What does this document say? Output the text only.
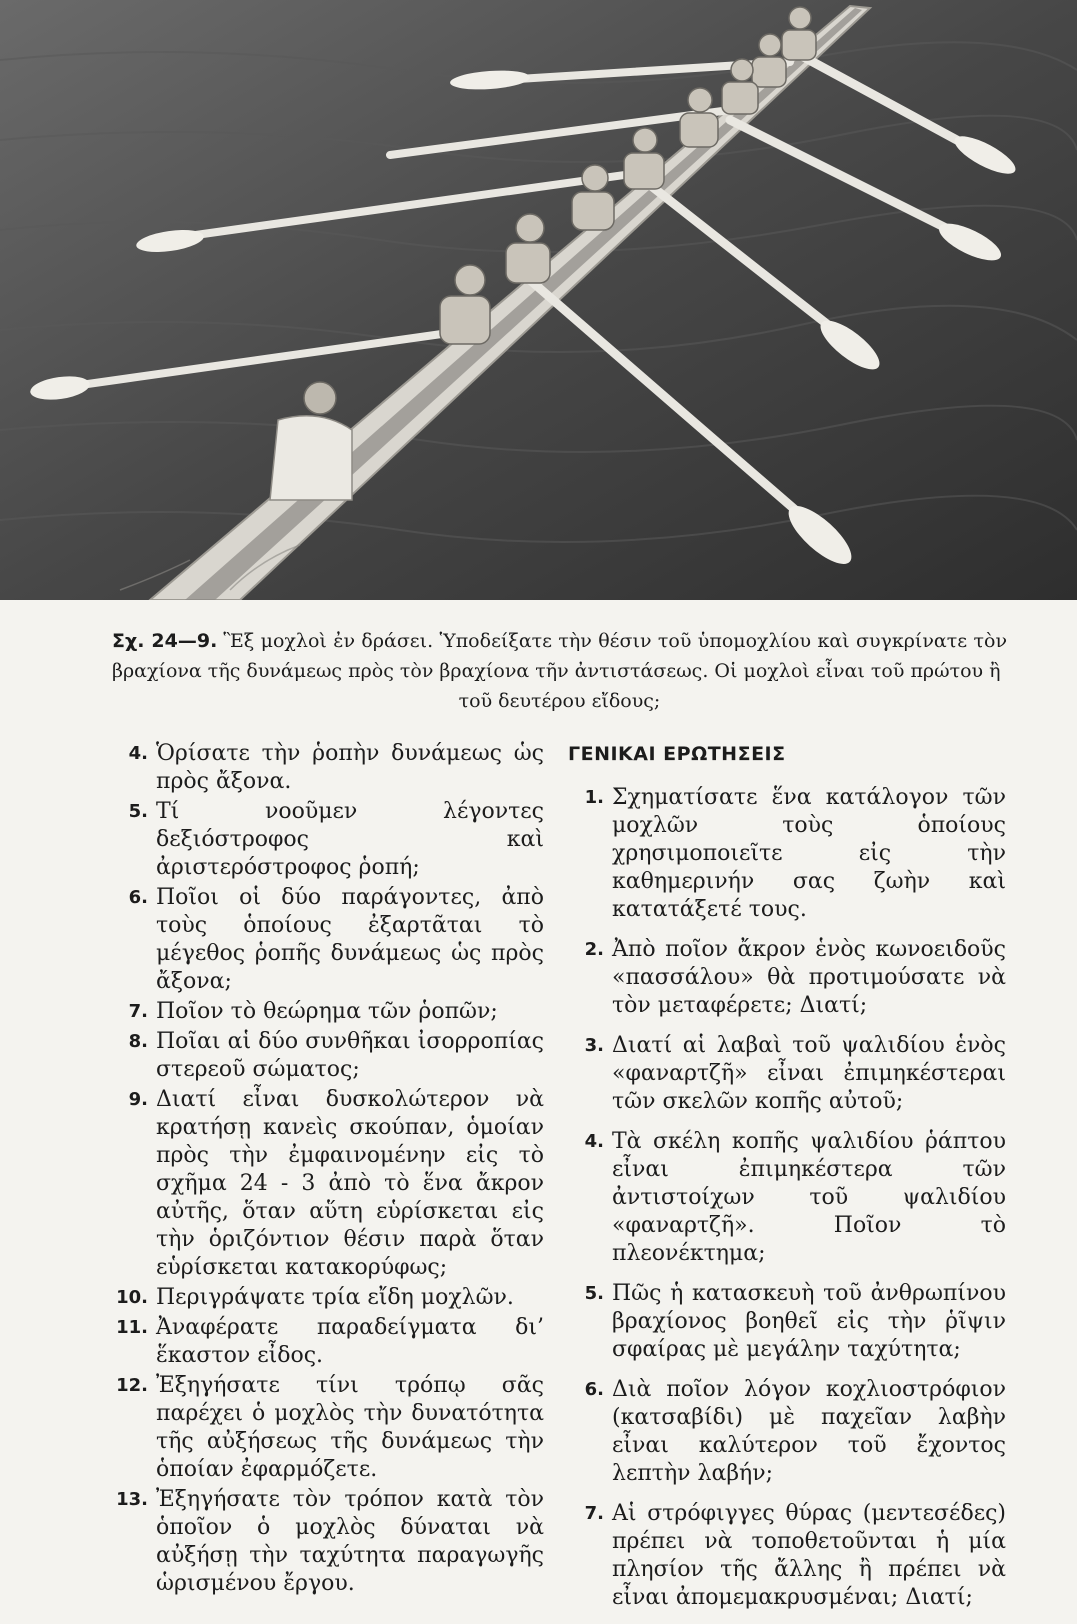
Σχ. 24—9. Ἓξ μοχλοὶ ἐν δράσει. Ὑποδείξατε τὴν θέσιν τοῦ ὑπομοχλίου καὶ συγκρίνατε τὸν βραχίονα τῆς δυνάμεως πρὸς τὸν βραχίονα τῆν ἀντιστάσεως. Οἱ μοχλοὶ εἶναι τοῦ πρώτου ἢ
τοῦ δευτέρου εἴδους;
4. Ὁρίσατε τὴν ῥοπὴν δυνάμεως ὡς πρὸς ἄξονα.
5. Τί νοοῦμεν λέγοντες δεξιόστροφος καὶ ἀριστερόστροφος ῥοπή;
6. Ποῖοι οἱ δύο παράγοντες, ἀπὸ τοὺς ὁποίους ἐξαρτᾶται τὸ μέγεθος ῥοπῆς δυνάμεως ὡς πρὸς ἄξονα;
7. Ποῖον τὸ θεώρημα τῶν ῥοπῶν;
8. Ποῖαι αἱ δύο συνθῆκαι ἰσορροπίας στερεοῦ σώματος;
9. Διατί εἶναι δυσκολώτερον νὰ κρατήσῃ κανεὶς σκούπαν, ὁμοίαν πρὸς τὴν ἐμφαινομένην εἰς τὸ σχῆμα 24 - 3 ἀπὸ τὸ ἕνα ἄκρον αὐτῆς, ὅταν αὕτη εὑρίσκεται εἰς τὴν ὁριζόντιον θέσιν παρὰ ὅταν εὑρίσκεται κατακορύφως;
10. Περιγράψατε τρία εἴδη μοχλῶν.
11. Ἀναφέρατε παραδείγματα δι’ ἕκαστον εἶδος.
12. Ἐξηγήσατε τίνι τρόπῳ σᾶς παρέχει ὁ μοχλὸς τὴν δυνατότητα τῆς αὐξήσεως τῆς δυνάμεως τὴν ὁποίαν ἐφαρμόζετε.
13. Ἐξηγήσατε τὸν τρόπον κατὰ τὸν ὁποῖον ὁ μοχλὸς δύναται νὰ αὐξήσῃ τὴν ταχύτητα παραγωγῆς ὡρισμένου ἔργου.
ΓΕΝΙΚΑΙ ΕΡΩΤΗΣΕΙΣ
1. Σχηματίσατε ἕνα κατάλογον τῶν μοχλῶν τοὺς ὁποίους χρησιμοποιεῖτε εἰς τὴν καθημερινήν σας ζωὴν καὶ κατατάξετέ τους.
2. Ἀπὸ ποῖον ἄκρον ἑνὸς κωνοειδοῦς «πασσάλου» θὰ προτιμούσατε νὰ τὸν μεταφέρετε; Διατί;
3. Διατί αἱ λαβαὶ τοῦ ψαλιδίου ἑνὸς «φαναρτζῆ» εἶναι ἐπιμηκέστεραι τῶν σκελῶν κοπῆς αὐτοῦ;
4. Τὰ σκέλη κοπῆς ψαλιδίου ῥάπτου εἶναι ἐπιμηκέστερα τῶν ἀντιστοίχων τοῦ ψαλιδίου «φαναρτζῆ». Ποῖον τὸ πλεονέκτημα;
5. Πῶς ἡ κατασκευὴ τοῦ ἀνθρωπίνου βραχίονος βοηθεῖ εἰς τὴν ῥῖψιν σφαίρας μὲ μεγάλην ταχύτητα;
6. Διὰ ποῖον λόγον κοχλιοστρόφιον (κατσαβίδι) μὲ παχεῖαν λαβὴν εἶναι καλύτερον τοῦ ἔχοντος λεπτὴν λαβήν;
7. Αἱ στρόφιγγες θύρας (μεντεσέδες) πρέπει νὰ τοποθετοῦνται ἡ μία πλησίον τῆς ἄλλης ἢ πρέπει νὰ εἶναι ἀπομεμακρυσμέναι; Διατί;
